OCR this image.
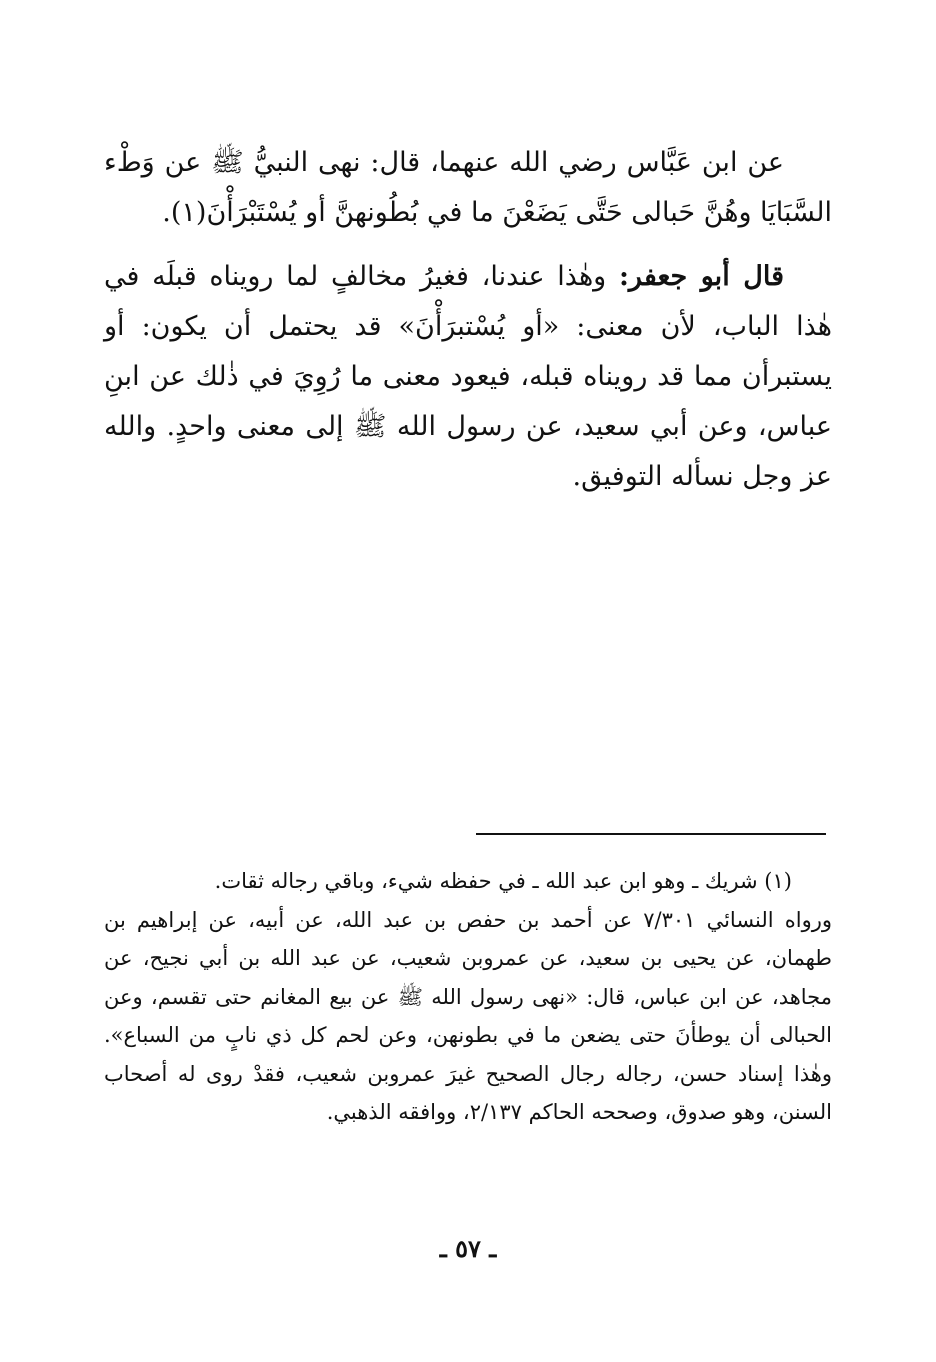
عن ابن عَبَّاس رضي الله عنهما، قال: نهى النبيُّ ﷺ عن وَطْء السَّبَايَا وهُنَّ حَبالى حَتَّى يَضَعْنَ ما في بُطُونهنَّ أو يُسْتَبْرَأْنَ(١).

قال أبو جعفر: وهٰذا عندنا، فغيرُ مخالفٍ لما رويناه قبلَه في هٰذا الباب، لأن معنى: «أو يُسْتبرَأْنَ» قد يحتمل أن يكون: أو يستبرأن مما قد رويناه قبله، فيعود معنى ما رُوِيَ في ذٰلك عن ابنِ عباس، وعن أبي سعيد، عن رسول الله ﷺ إلى معنى واحدٍ. والله عز وجل نسأله التوفيق.

(١) شريك ـ وهو ابن عبد الله ـ في حفظه شيء، وباقي رجاله ثقات.

ورواه النسائي ٧/٣٠١ عن أحمد بن حفص بن عبد الله، عن أبيه، عن إبراهيم بن طهمان، عن يحيى بن سعيد، عن عمروبن شعيب، عن عبد الله بن أبي نجيح، عن مجاهد، عن ابن عباس، قال: «نهى رسول الله ﷺ عن بيع المغانم حتى تقسم، وعن الحبالى أن يوطأنَ حتى يضعن ما في بطونهن، وعن لحم كل ذي نابٍ من السباع». وهٰذا إسناد حسن، رجاله رجال الصحيح غيرَ عمروبن شعيب، فقدْ روى له أصحاب السنن، وهو صدوق، وصححه الحاكم ٢/١٣٧، ووافقه الذهبي.

ـ ٥٧ ـ
